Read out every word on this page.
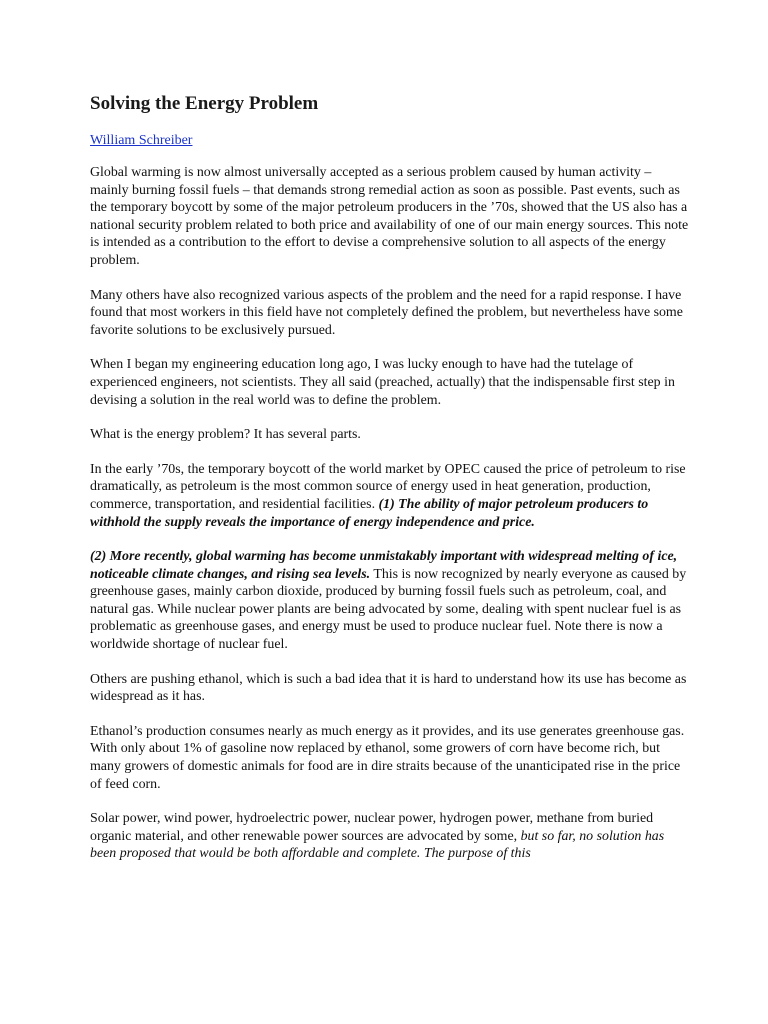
Solving the Energy Problem
William Schreiber

Global warming is now almost universally accepted as a serious problem caused by human activity – mainly burning fossil fuels – that demands strong remedial action as soon as possible. Past events, such as the temporary boycott by some of the major petroleum producers in the ’70s, showed that the US also has a national security problem related to both price and availability of one of our main energy sources. This note is intended as a contribution to the effort to devise a comprehensive solution to all aspects of the energy problem.

Many others have also recognized various aspects of the problem and the need for a rapid response. I have found that most workers in this field have not completely defined the problem, but nevertheless have some favorite solutions to be exclusively pursued.

When I began my engineering education long ago, I was lucky enough to have had the tutelage of experienced engineers, not scientists. They all said (preached, actually) that the indispensable first step in devising a solution in the real world was to define the problem.

What is the energy problem? It has several parts.

In the early ’70s, the temporary boycott of the world market by OPEC caused the price of petroleum to rise dramatically, as petroleum is the most common source of energy used in heat generation, production, commerce, transportation, and residential facilities. (1) The ability of major petroleum producers to withhold the supply reveals the importance of energy independence and price.

(2) More recently, global warming has become unmistakably important with widespread melting of ice, noticeable climate changes, and rising sea levels. This is now recognized by nearly everyone as caused by greenhouse gases, mainly carbon dioxide, produced by burning fossil fuels such as petroleum, coal, and natural gas. While nuclear power plants are being advocated by some, dealing with spent nuclear fuel is as problematic as greenhouse gases, and energy must be used to produce nuclear fuel. Note there is now a worldwide shortage of nuclear fuel.

Others are pushing ethanol, which is such a bad idea that it is hard to understand how its use has become as widespread as it has.

Ethanol’s production consumes nearly as much energy as it provides, and its use generates greenhouse gas. With only about 1% of gasoline now replaced by ethanol, some growers of corn have become rich, but many growers of domestic animals for food are in dire straits because of the unanticipated rise in the price of feed corn.

Solar power, wind power, hydroelectric power, nuclear power, hydrogen power, methane from buried organic material, and other renewable power sources are advocated by some, but so far, no solution has been proposed that would be both affordable and complete. The purpose of this
